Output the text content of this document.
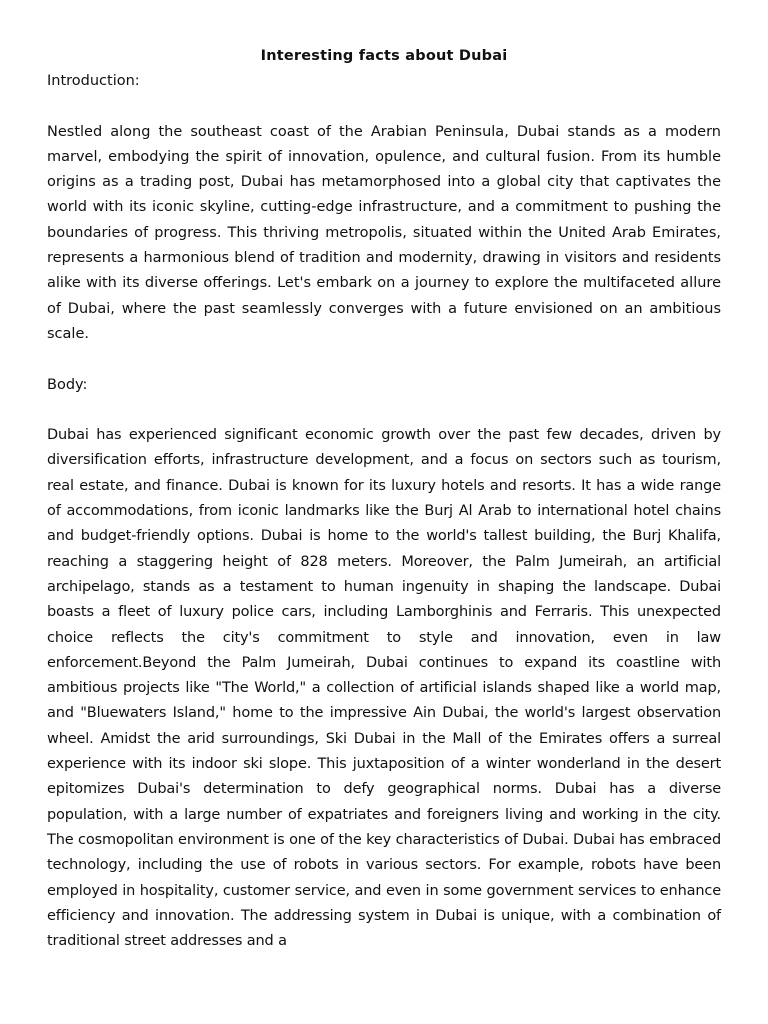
Interesting facts about Dubai

Introduction:

Nestled along the southeast coast of the Arabian Peninsula, Dubai stands as a modern marvel, embodying the spirit of innovation, opulence, and cultural fusion. From its humble origins as a trading post, Dubai has metamorphosed into a global city that captivates the world with its iconic skyline, cutting-edge infrastructure, and a commitment to pushing the boundaries of progress. This thriving metropolis, situated within the United Arab Emirates, represents a harmonious blend of tradition and modernity, drawing in visitors and residents alike with its diverse offerings. Let's embark on a journey to explore the multifaceted allure of Dubai, where the past seamlessly converges with a future envisioned on an ambitious scale.

Body:

Dubai has experienced significant economic growth over the past few decades, driven by diversification efforts, infrastructure development, and a focus on sectors such as tourism, real estate, and finance. Dubai is known for its luxury hotels and resorts. It has a wide range of accommodations, from iconic landmarks like the Burj Al Arab to international hotel chains and budget-friendly options. Dubai is home to the world's tallest building, the Burj Khalifa, reaching a staggering height of 828 meters. Moreover, the Palm Jumeirah, an artificial archipelago, stands as a testament to human ingenuity in shaping the landscape. Dubai boasts a fleet of luxury police cars, including Lamborghinis and Ferraris. This unexpected choice reflects the city's commitment to style and innovation, even in law enforcement.Beyond the Palm Jumeirah, Dubai continues to expand its coastline with ambitious projects like "The World," a collection of artificial islands shaped like a world map, and "Bluewaters Island," home to the impressive Ain Dubai, the world's largest observation wheel. Amidst the arid surroundings, Ski Dubai in the Mall of the Emirates offers a surreal experience with its indoor ski slope. This juxtaposition of a winter wonderland in the desert epitomizes Dubai's determination to defy geographical norms. Dubai has a diverse population, with a large number of expatriates and foreigners living and working in the city. The cosmopolitan environment is one of the key characteristics of Dubai. Dubai has embraced technology, including the use of robots in various sectors. For example, robots have been employed in hospitality, customer service, and even in some government services to enhance efficiency and innovation. The addressing system in Dubai is unique, with a combination of traditional street addresses and a
